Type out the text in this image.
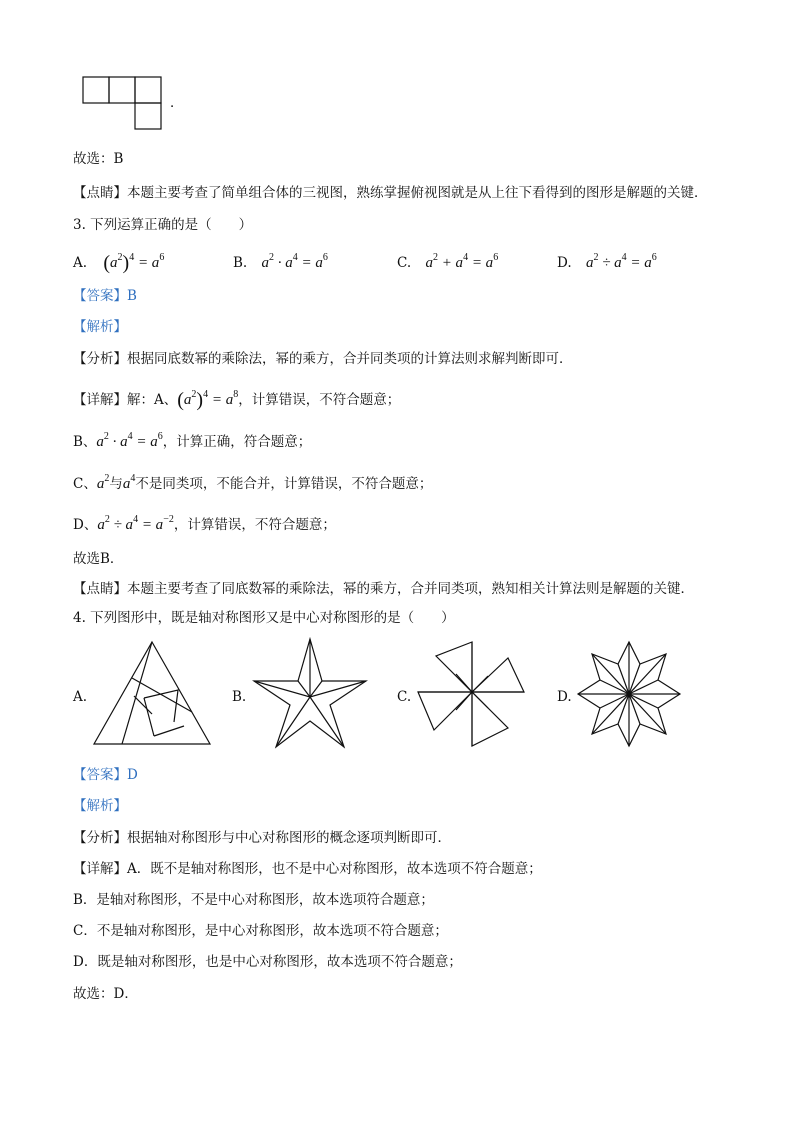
．
故选：B
【点睛】本题主要考查了简单组合体的三视图，熟练掌握俯视图就是从上往下看得到的图形是解题的关键．
3. 下列运算正确的是（　　）
A. $(a^2)^4 = a^6$	B. $a^2 \cdot a^4 = a^6$	C. $a^2 + a^4 = a^6$	D. $a^2 \div a^4 = a^6$
【答案】B
【解析】
【分析】根据同底数幂的乘除法，幂的乘方，合并同类项的计算法则求解判断即可．
【详解】解：A、$(a^2)^4 = a^8$，计算错误，不符合题意；
B、$a^2 \cdot a^4 = a^6$，计算正确，符合题意；
C、$a^2$与$a^4$不是同类项，不能合并，计算错误，不符合题意；
D、$a^2 \div a^4 = a^{-2}$，计算错误，不符合题意；
故选B．
【点睛】本题主要考查了同底数幂的乘除法，幂的乘方，合并同类项，熟知相关计算法则是解题的关键．
4. 下列图形中，既是轴对称图形又是中心对称图形的是（　　）
A.	B.	C.	D.
【答案】D
【解析】
【分析】根据轴对称图形与中心对称图形的概念逐项判断即可．
【详解】A．既不是轴对称图形，也不是中心对称图形，故本选项不符合题意；
B．是轴对称图形，不是中心对称图形，故本选项符合题意；
C．不是轴对称图形，是中心对称图形，故本选项不符合题意；
D．既是轴对称图形，也是中心对称图形，故本选项不符合题意；
故选：D．
